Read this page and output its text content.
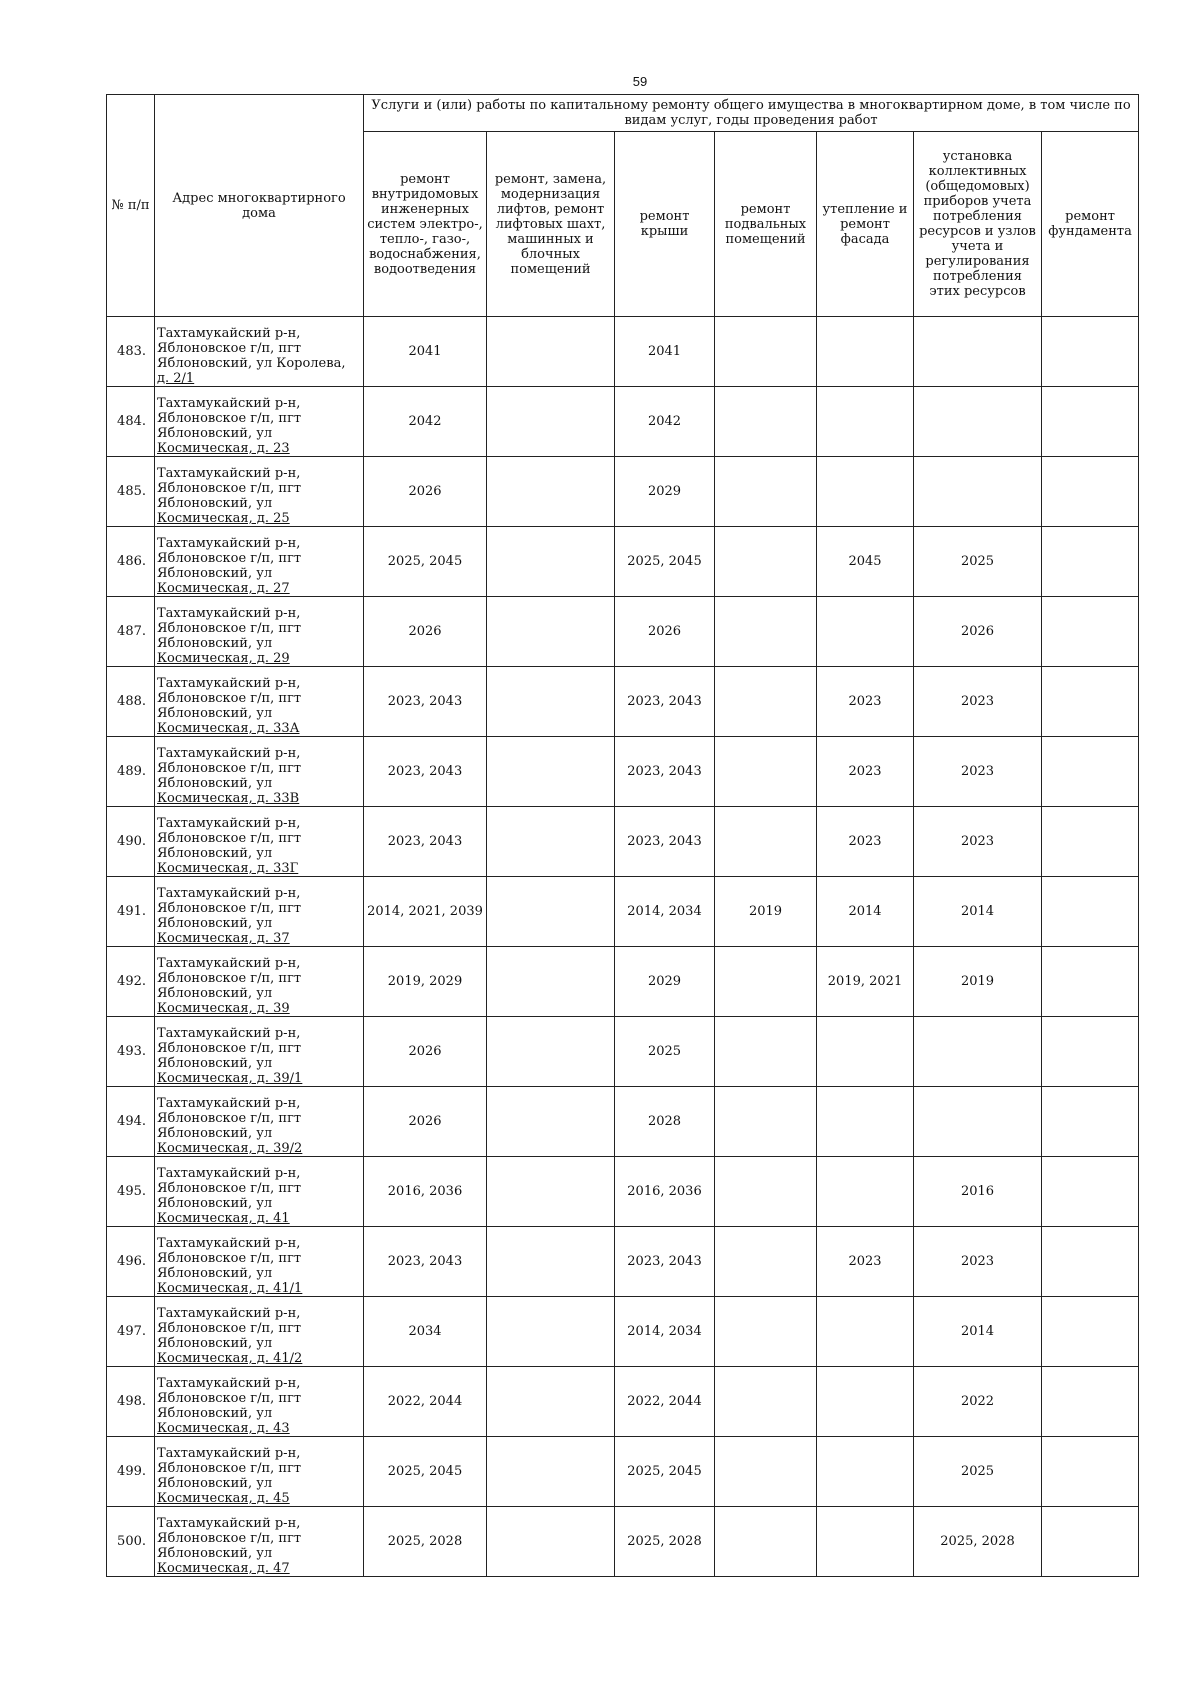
59
№ п/п	Адрес многоквартирного дома	Услуги и (или) работы по капитальному ремонту общего имущества в многоквартирном доме, в том числе по видам услуг, годы проведения работ						
		ремонт внутридомовых инженерных систем электро-, тепло-, газо-, водоснабжения, водоотведения	ремонт, замена, модернизация лифтов, ремонт лифтовых шахт, машинных и блочных помещений	ремонт крыши	ремонт подвальных помещений	утепление и ремонт фасада	установка коллективных (общедомовых) приборов учета потребления ресурсов и узлов учета и регулирования потребления этих ресурсов	ремонт фундамента
483.	Тахтамукайский р-н,
Яблоновское г/п, пгт
Яблоновский, ул Королева,
д. 2/1	2041		2041				
484.	Тахтамукайский р-н,
Яблоновское г/п, пгт
Яблоновский, ул
Космическая, д. 23	2042		2042				
485.	Тахтамукайский р-н,
Яблоновское г/п, пгт
Яблоновский, ул
Космическая, д. 25	2026		2029				
486.	Тахтамукайский р-н,
Яблоновское г/п, пгт
Яблоновский, ул
Космическая, д. 27	2025, 2045		2025, 2045		2045	2025	
487.	Тахтамукайский р-н,
Яблоновское г/п, пгт
Яблоновский, ул
Космическая, д. 29	2026		2026			2026	
488.	Тахтамукайский р-н,
Яблоновское г/п, пгт
Яблоновский, ул
Космическая, д. 33А	2023, 2043		2023, 2043		2023	2023	
489.	Тахтамукайский р-н,
Яблоновское г/п, пгт
Яблоновский, ул
Космическая, д. 33В	2023, 2043		2023, 2043		2023	2023	
490.	Тахтамукайский р-н,
Яблоновское г/п, пгт
Яблоновский, ул
Космическая, д. 33Г	2023, 2043		2023, 2043		2023	2023	
491.	Тахтамукайский р-н,
Яблоновское г/п, пгт
Яблоновский, ул
Космическая, д. 37	2014, 2021, 2039		2014, 2034	2019	2014	2014	
492.	Тахтамукайский р-н,
Яблоновское г/п, пгт
Яблоновский, ул
Космическая, д. 39	2019, 2029		2029		2019, 2021	2019	
493.	Тахтамукайский р-н,
Яблоновское г/п, пгт
Яблоновский, ул
Космическая, д. 39/1	2026		2025				
494.	Тахтамукайский р-н,
Яблоновское г/п, пгт
Яблоновский, ул
Космическая, д. 39/2	2026		2028				
495.	Тахтамукайский р-н,
Яблоновское г/п, пгт
Яблоновский, ул
Космическая, д. 41	2016, 2036		2016, 2036			2016	
496.	Тахтамукайский р-н,
Яблоновское г/п, пгт
Яблоновский, ул
Космическая, д. 41/1	2023, 2043		2023, 2043		2023	2023	
497.	Тахтамукайский р-н,
Яблоновское г/п, пгт
Яблоновский, ул
Космическая, д. 41/2	2034		2014, 2034			2014	
498.	Тахтамукайский р-н,
Яблоновское г/п, пгт
Яблоновский, ул
Космическая, д. 43	2022, 2044		2022, 2044			2022	
499.	Тахтамукайский р-н,
Яблоновское г/п, пгт
Яблоновский, ул
Космическая, д. 45	2025, 2045		2025, 2045			2025	
500.	Тахтамукайский р-н,
Яблоновское г/п, пгт
Яблоновский, ул
Космическая, д. 47	2025, 2028		2025, 2028			2025, 2028	
